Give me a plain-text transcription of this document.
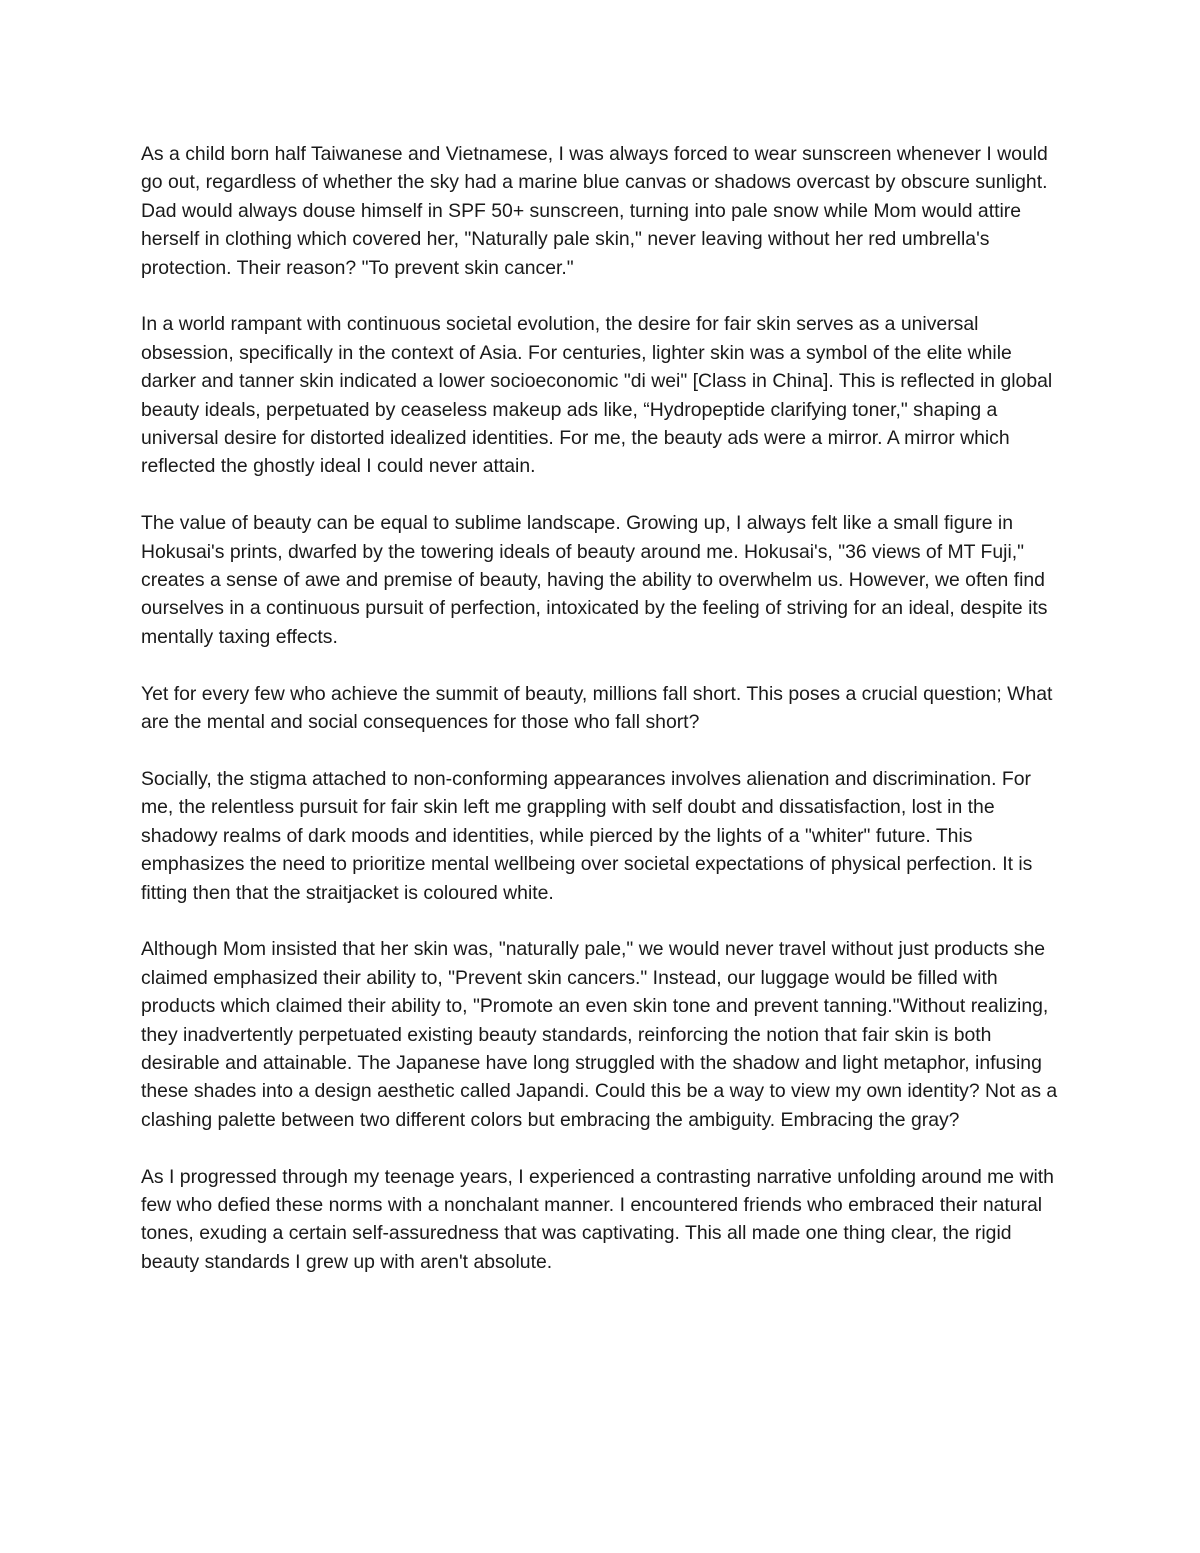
As a child born half Taiwanese and Vietnamese, I was always forced to wear sunscreen whenever I would go out, regardless of whether the sky had a marine blue canvas or shadows overcast by obscure sunlight. Dad would always douse himself in SPF 50+ sunscreen, turning into pale snow while Mom would attire herself in clothing which covered her, "Naturally pale skin," never leaving without her red umbrella's protection. Their reason? "To prevent skin cancer."

In a world rampant with continuous societal evolution, the desire for fair skin serves as a universal obsession, specifically in the context of Asia. For centuries, lighter skin was a symbol of the elite while darker and tanner skin indicated a lower socioeconomic "di wei" [Class in China]. This is reflected in global beauty ideals, perpetuated by ceaseless makeup ads like, “Hydropeptide clarifying toner," shaping a universal desire for distorted idealized identities. For me, the beauty ads were a mirror. A mirror which reflected the ghostly ideal I could never attain.

The value of beauty can be equal to sublime landscape. Growing up, I always felt like a small figure in Hokusai's prints, dwarfed by the towering ideals of beauty around me. Hokusai's, "36 views of MT Fuji," creates a sense of awe and premise of beauty, having the ability to overwhelm us. However, we often find ourselves in a continuous pursuit of perfection, intoxicated by the feeling of striving for an ideal, despite its mentally taxing effects.

Yet for every few who achieve the summit of beauty, millions fall short. This poses a crucial question; What are the mental and social consequences for those who fall short?

Socially, the stigma attached to non-conforming appearances involves alienation and discrimination. For me, the relentless pursuit for fair skin left me grappling with self doubt and dissatisfaction, lost in the shadowy realms of dark moods and identities, while pierced by the lights of a "whiter" future. This emphasizes the need to prioritize mental wellbeing over societal expectations of physical perfection. It is fitting then that the straitjacket is coloured white.

Although Mom insisted that her skin was, "naturally pale," we would never travel without just products she claimed emphasized their ability to, "Prevent skin cancers." Instead, our luggage would be filled with products which claimed their ability to, "Promote an even skin tone and prevent tanning."Without realizing, they inadvertently perpetuated existing beauty standards, reinforcing the notion that fair skin is both desirable and attainable. The Japanese have long struggled with the shadow and light metaphor, infusing these shades into a design aesthetic called Japandi. Could this be a way to view my own identity? Not as a clashing palette between two different colors but embracing the ambiguity. Embracing the gray?

As I progressed through my teenage years, I experienced a contrasting narrative unfolding around me with few who defied these norms with a nonchalant manner. I encountered friends who embraced their natural tones, exuding a certain self-assuredness that was captivating. This all made one thing clear, the rigid beauty standards I grew up with aren't absolute.
